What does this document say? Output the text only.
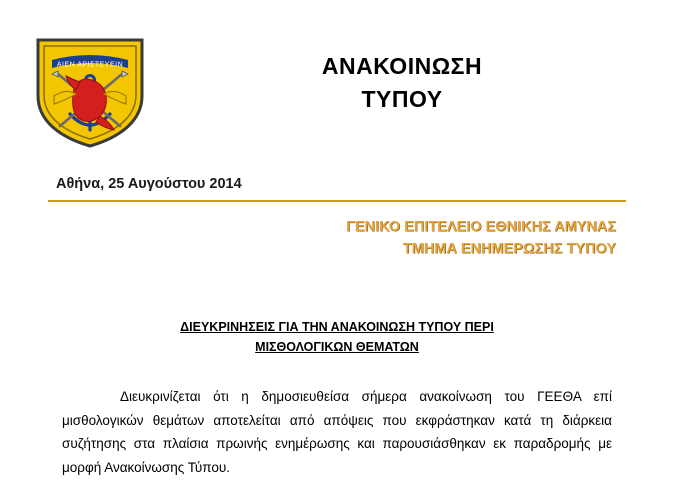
ΑΙΕΝ ΑΡΙΣΤΕΥΕΙΝ	ΑΝΑΚΟΙΝΩΣΗ
ΤΥΠΟΥ
Αθήνα, 25 Αυγούστου 2014
ΓΕΝΙΚΟ ΕΠΙΤΕΛΕΙΟ ΕΘΝΙΚΗΣ ΑΜΥΝΑΣ
ΤΜΗΜΑ ΕΝΗΜΕΡΩΣΗΣ ΤΥΠΟΥ
ΔΙΕΥΚΡΙΝΗΣΕΙΣ ΓΙΑ ΤΗΝ ΑΝΑΚΟΙΝΩΣΗ ΤΥΠΟΥ ΠΕΡΙ
ΜΙΣΘΟΛΟΓΙΚΩΝ ΘΕΜΑΤΩΝ
Διευκρινίζεται ότι η δημοσιευθείσα σήμερα ανακοίνωση του ΓΕΕΘΑ επί μισθολογικών θεμάτων αποτελείται από απόψεις που εκφράστηκαν κατά τη διάρκεια συζήτησης στα πλαίσια πρωινής ενημέρωσης και παρουσιάσθηκαν εκ παραδρομής με μορφή Ανακοίνωσης Τύπου.
